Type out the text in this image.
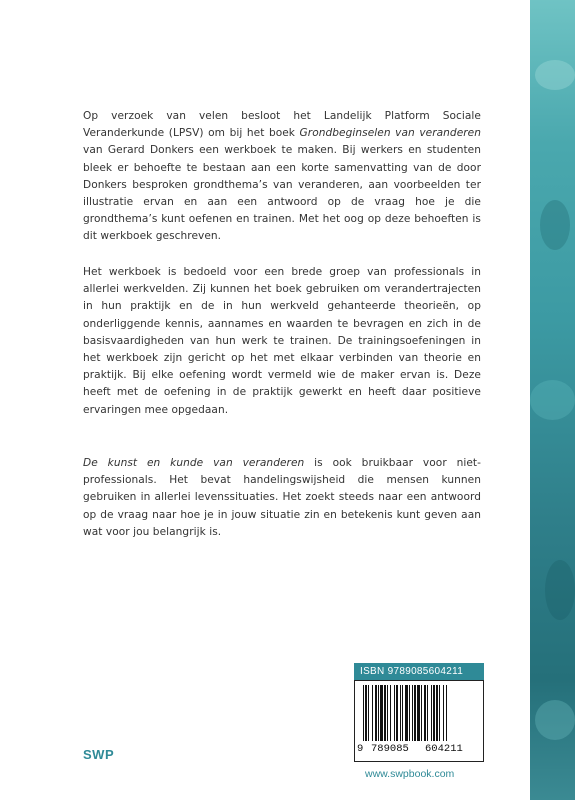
Op verzoek van velen besloot het Landelijk Platform Sociale Veranderkunde (LPSV) om bij het boek Grondbeginselen van veranderen van Gerard Donkers een werkboek te maken. Bij werkers en studenten bleek er behoefte te bestaan aan een korte samenvatting van de door Donkers besproken grondthema’s van veranderen, aan voorbeelden ter illustratie ervan en aan een antwoord op de vraag hoe je die grondthema’s kunt oefenen en trainen. Met het oog op deze behoeften is dit werkboek geschreven.

Het werkboek is bedoeld voor een brede groep van professionals in allerlei werkvelden. Zij kunnen het boek gebruiken om verandertrajecten in hun praktijk en de in hun werkveld gehanteerde theorieën, op onderliggende kennis, aannames en waarden te bevragen en zich in de basisvaardigheden van hun werk te trainen. De trainingsoefeningen in het werkboek zijn gericht op het met elkaar verbinden van theorie en praktijk. Bij elke oefening wordt vermeld wie de maker ervan is. Deze heeft met de oefening in de praktijk gewerkt en heeft daar positieve ervaringen mee opgedaan.

De kunst en kunde van veranderen is ook bruikbaar voor niet-professionals. Het bevat handelingswijsheid die mensen kunnen gebruiken in allerlei levenssituaties. Het zoekt steeds naar een antwoord op de vraag naar hoe je in jouw situatie zin en betekenis kunt geven aan wat voor jou belangrijk is.

ISBN 9789085604211
9 789085 604211
SWP
www.swpbook.com
